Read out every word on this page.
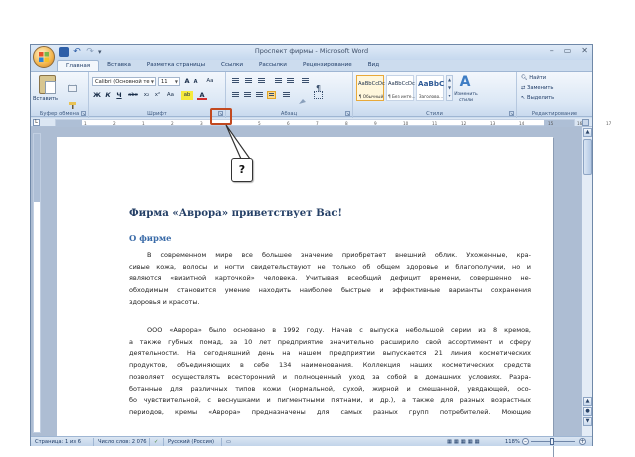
↶ ↷ ▾	Проспект фирмы - Microsoft Word	– ▭ ✕
Главная	Вставка	Разметка страницы	Ссылки	Рассылки	Рецензирование	Вид
Вставить
Буфер обмена ↘
Calibri (Основной те ▼	11 ▼ A A	Aa
Ж К Ч abe	x₂	x²	Aa	ab	A
Шрифт	↘
¶
Абзац	↘
AaBbCcDc
¶ Обычный
AaBbCcDc
¶ Без инте...
AaBbC
Заголово...
▲
▼
▾
A
Изменить стили
Стили	↘
🔍︎ Найти
⇄ Заменить
↖ Выделить
Редактирование
L	1	2	1	2	3	4	5	6	7	8	9	10	11	12	13	14	15	16	17
Фирма «Аврора» приветствует Вас!
О фирме
В современном мире все большее значение приобретает внешний облик. Ухоженные, кра-
сивые кожа, волосы и ногти свидетельствуют не только об общем здоровье и благополучии, но и
являются «визитной карточкой» человека. Учитывая всеобщий дефицит времени, совершенно не-
обходимым становится умение находить наиболее быстрые и эффективные варианты сохранения
здоровья и красоты.
ООО «Аврора» было основано в 1992 году. Начав с выпуска небольшой серии из 8 кремов,
а также губных помад, за 10 лет предприятие значительно расширило свой ассортимент и сферу
деятельности. На сегодняшний день на нашем предприятии выпускается 21 линия косметических
продуктов, объединяющих в себе 134 наименования. Коллекция наших косметических средств
позволяет осуществлять всесторонний и полноценный уход за собой в домашних условиях. Разра-
ботанные для различных типов кожи (нормальной, сухой, жирной и смешанной, увядающей, осо-
бо чувствительной, с веснушками и пигментными пятнами, и др.), а также для разных возрастных
периодов, кремы «Аврора» предназначены для самых разных групп потребителей. Моющие
▲
▲
●
▼
Страница: 1 из 6	Число слов: 2 076 ✓ Русский (Россия) ▭	▦▦▦▦▦	118% –	+
?
